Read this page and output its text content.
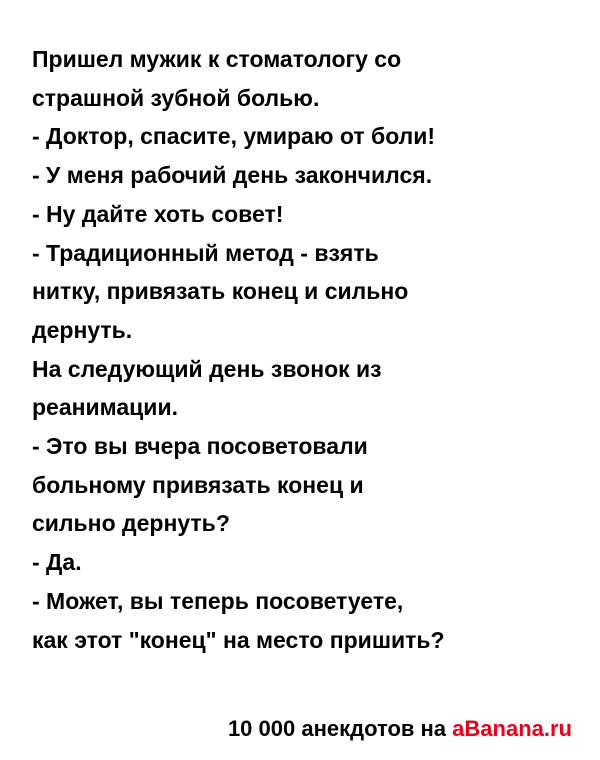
Пришел мужик к стоматологу со
страшной зубной болью.
- Доктор, спасите, умираю от боли!
- У меня рабочий день закончился.
- Ну дайте хоть совет!
- Традиционный метод - взять
нитку, привязать конец и сильно
дернуть.
На следующий день звонок из
реанимации.
- Это вы вчера посоветовали
больному привязать конец и
сильно дернуть?
- Да.
- Может, вы теперь посоветуете,
как этот "конец" на место пришить?
10 000 анекдотов на aBanana.ru
